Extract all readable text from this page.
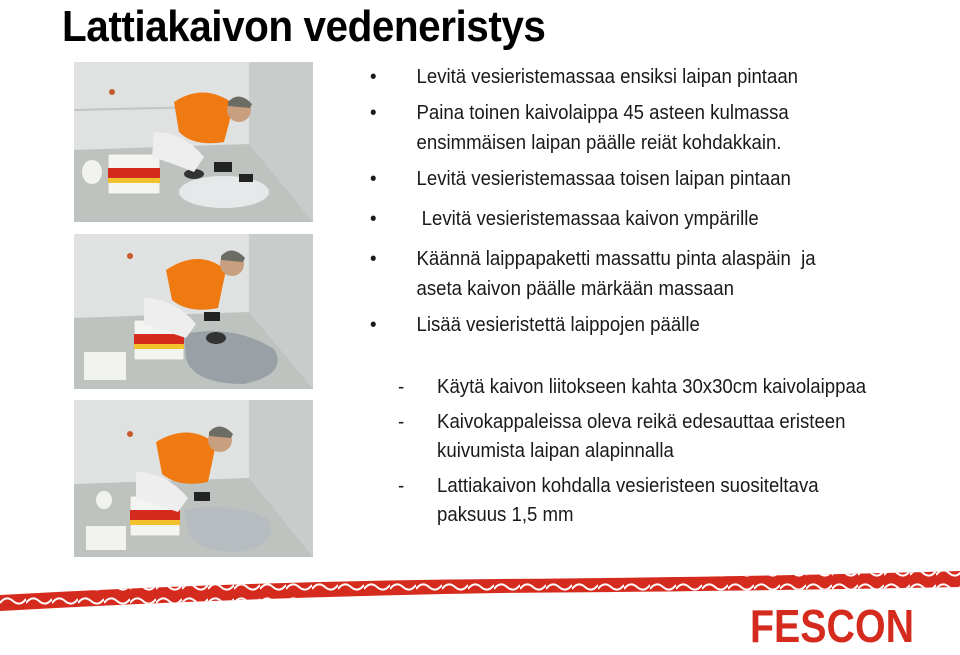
Lattiakaivon vedeneristys
• Levitä vesieristemassaa ensiksi laipan pintaan
• Paina toinen kaivolaippa 45 asteen kulmassa
ensimmäisen laipan päälle reiät kohdakkain.
• Levitä vesieristemassaa toisen laipan pintaan
• Levitä vesieristemassaa kaivon ympärille
• Käännä laippapaketti massattu pinta alaspäin  ja
aseta kaivon päälle märkään massaan
• Lisää vesieristettä laippojen päälle
- Käytä kaivon liitokseen kahta 30x30cm kaivolaippaa
- Kaivokappaleissa oleva reikä edesauttaa eristeen
kuivumista laipan alapinnalla
- Lattiakaivon kohdalla vesieristeen suositeltava
paksuus 1,5 mm
FESCON
